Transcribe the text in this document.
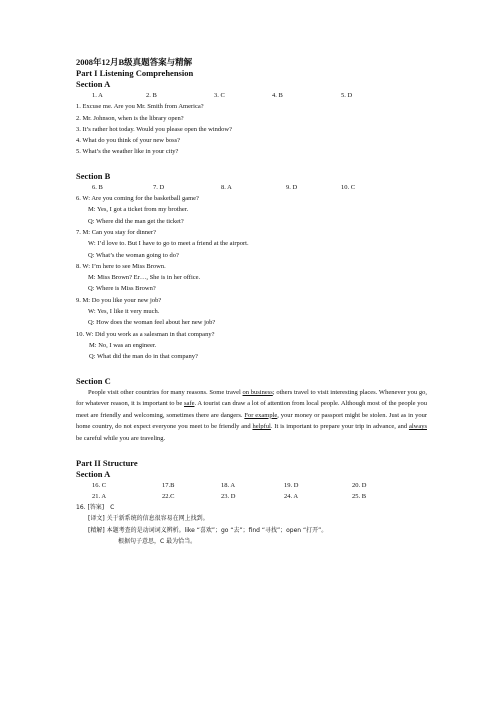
2008年12月B级真题答案与精解
Part I Listening Comprehension
Section A
1. A	2. B	3. C	4. B	5. D
1. Excuse me. Are you Mr. Smith from America?
2. Mr. Johnson, when is the library open?
3. It’s rather hot today. Would you please open the window?
4. What do you think of your new boss?
5. What’s the weather like in your city?
Section B
6. B	7. D	8. A	9. D	10. C
6. W: Are you coming for the basketball game?
M: Yes, I got a ticket from my brother.
Q: Where did the man get the ticket?
7. M: Can you stay for dinner?
W: I’d love to. But I have to go to meet a friend at the airport.
Q: What’s the woman going to do?
8. W: I’m here to see Miss Brown.
M: Miss Brown? Er…, She is in her office.
Q: Where is Miss Brown?
9. M: Do you like your new job?
W: Yes, I like it very much.
Q: How does the woman feel about her new job?
10. W: Did you work as a salesman in that company?
M: No, I was an engineer.
Q: What did the man do in that company?
Section C
People visit other countries for many reasons. Some travel on business; others travel to visit interesting places. Whenever you go, for whatever reason, it is important to be safe. A tourist can draw a lot of attention from local people. Although most of the people you meet are friendly and welcoming, sometimes there are dangers. For example, your money or passport might be stolen. Just as in your home country, do not expect everyone you meet to be friendly and helpful. It is important to prepare your trip in advance, and always be careful while you are traveling.
Part II Structure
Section A
16. C	17.B	18. A	19. D	20. D
21. A	22.C	23. D	24. A	25. B
16. [答案]　C
[译文] 关于新系统的信息很容易在网上找到。
[精解] 本题考查的是动词词义辨析。like “喜欢”；go “去”；find “寻找”；open “打开”。
根据句子意思，C 最为恰当。
